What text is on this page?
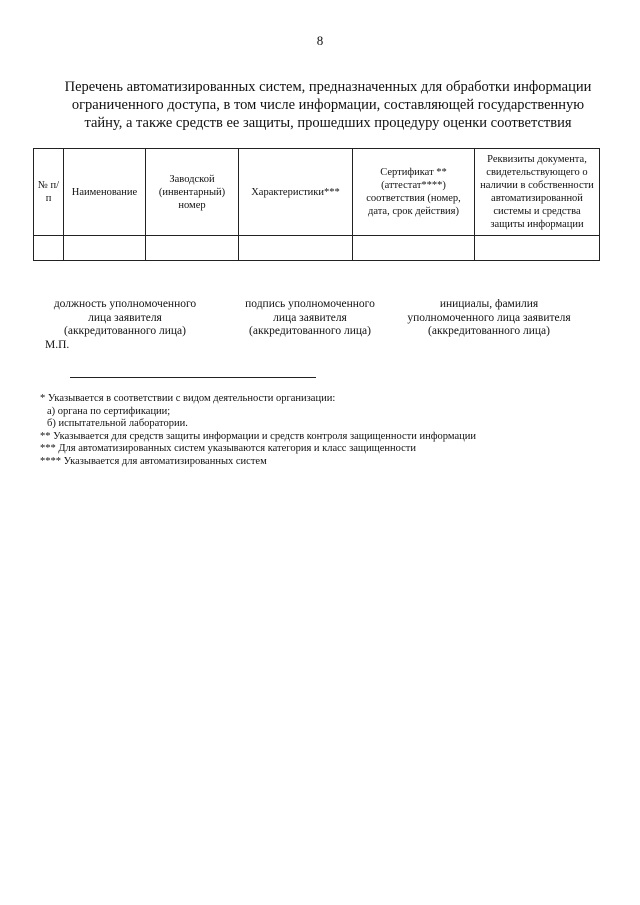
8
Перечень автоматизированных систем, предназначенных для обработки информации
ограниченного доступа, в том числе информации, составляющей государственную
тайну, а также средств ее защиты, прошедших процедуру оценки соответствия
№ п/п	Наименование	Заводской (инвентарный) номер	Характеристики***	Сертификат ** (аттестат****) соответствия (номер, дата, срок действия)	Реквизиты документа, свидетельствующего о наличии в собственности автоматизированной системы и средства защиты информации

должность уполномоченного
лица заявителя
(аккредитованного лица)
подпись уполномоченного
лица заявителя
(аккредитованного лица)
инициалы, фамилия
уполномоченного лица заявителя
(аккредитованного лица)
М.П.
* Указывается в соответствии с видом деятельности организации:
а) органа по сертификации;
б) испытательной лаборатории.
** Указывается для средств защиты информации и средств контроля защищенности информации
*** Для автоматизированных систем указываются категория и класс защищенности
**** Указывается для автоматизированных систем
